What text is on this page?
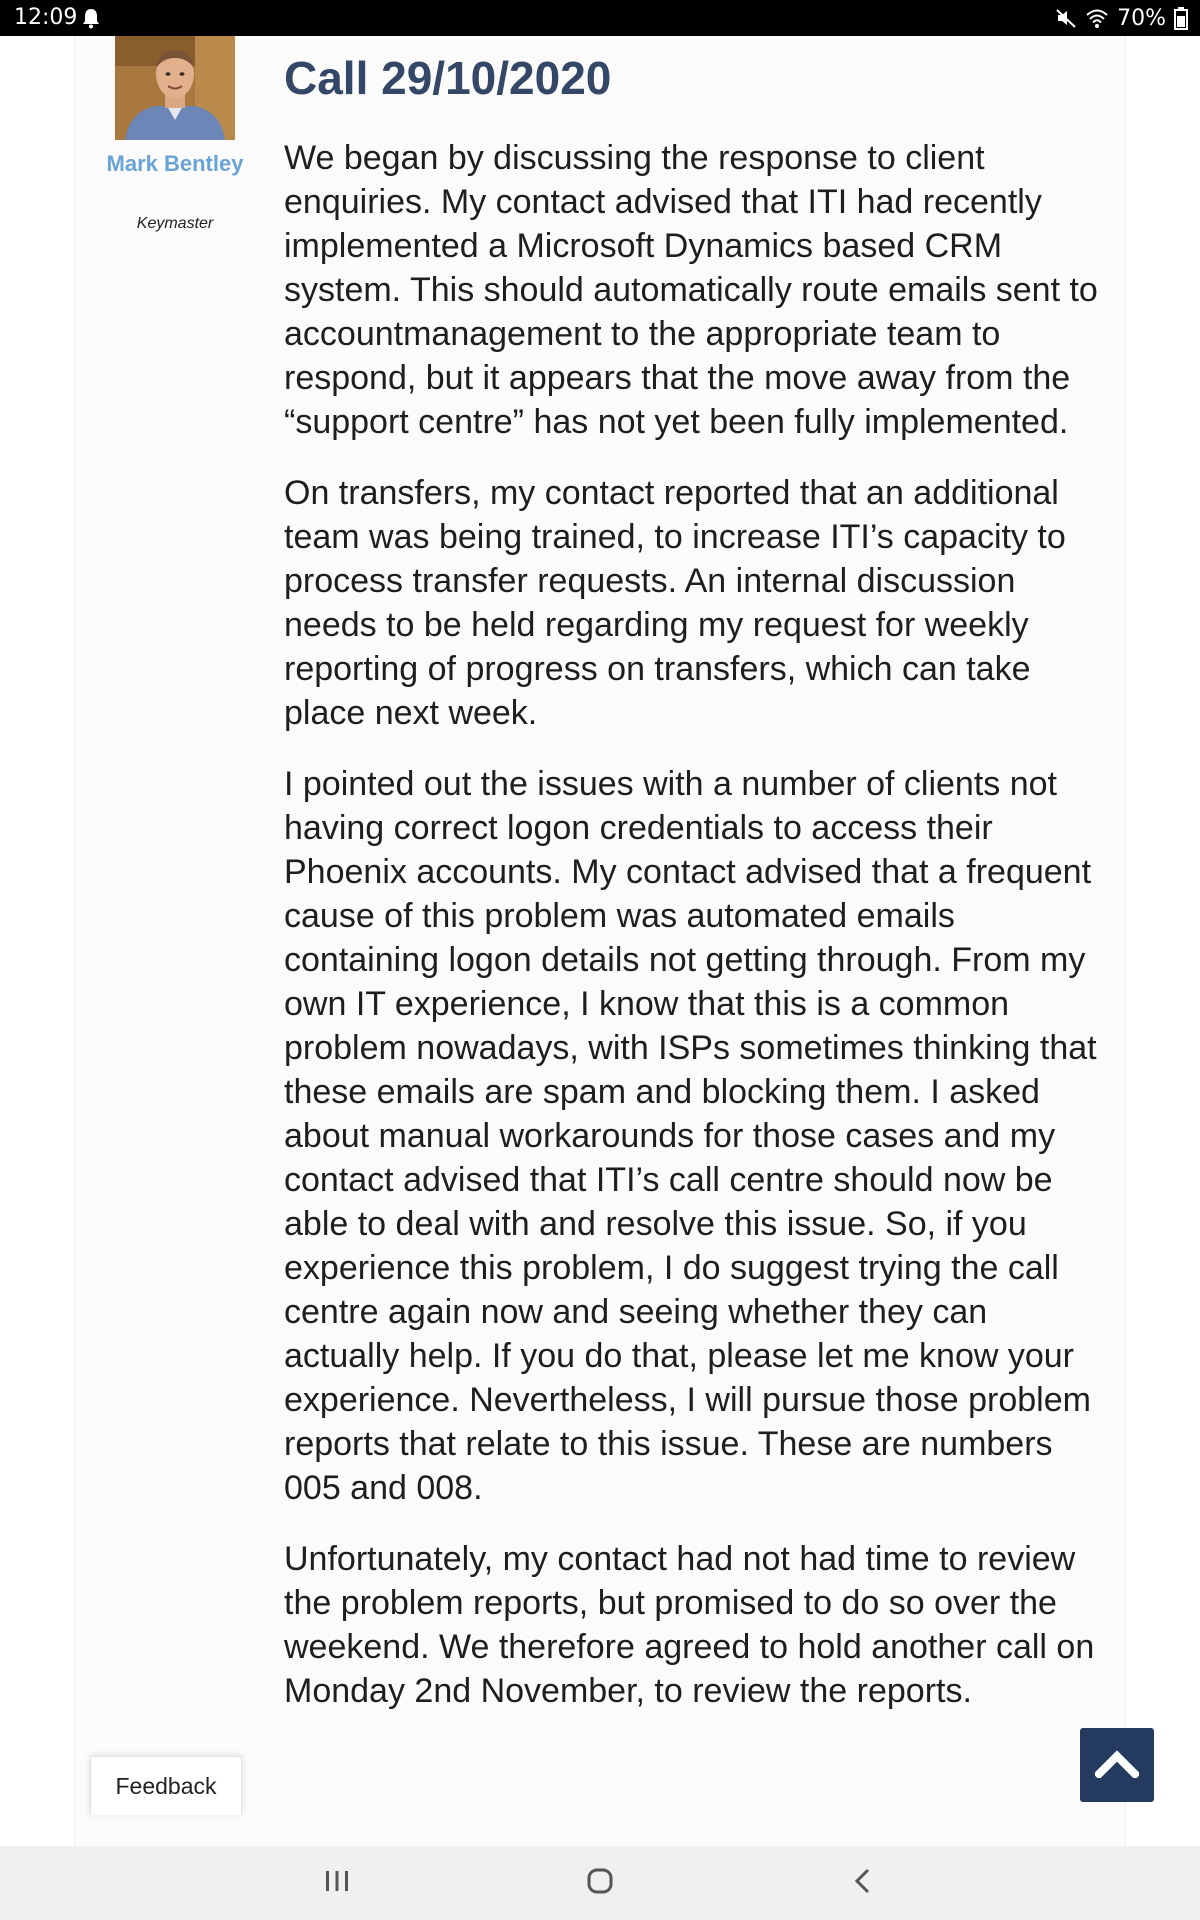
12:09	70%
Mark Bentley
Keymaster
Call 29/10/2020

We began by discussing the response to client enquiries. My contact advised that ITI had recently implemented a Microsoft Dynamics based CRM system. This should automatically route emails sent to accountmanagement to the appropriate team to respond, but it appears that the move away from the “support centre” has not yet been fully implemented.

On transfers, my contact reported that an additional team was being trained, to increase ITI’s capacity to process transfer requests. An internal discussion needs to be held regarding my request for weekly reporting of progress on transfers, which can take place next week.

I pointed out the issues with a number of clients not having correct logon credentials to access their Phoenix accounts. My contact advised that a frequent cause of this problem was automated emails containing logon details not getting through. From my own IT experience, I know that this is a common problem nowadays, with ISPs sometimes thinking that these emails are spam and blocking them. I asked about manual workarounds for those cases and my contact advised that ITI’s call centre should now be able to deal with and resolve this issue. So, if you experience this problem, I do suggest trying the call centre again now and seeing whether they can actually help. If you do that, please let me know your experience. Nevertheless, I will pursue those problem reports that relate to this issue. These are numbers 005 and 008.

Unfortunately, my contact had not had time to review the problem reports, but promised to do so over the weekend. We therefore agreed to hold another call on Monday 2nd November, to review the reports.

Feedback
